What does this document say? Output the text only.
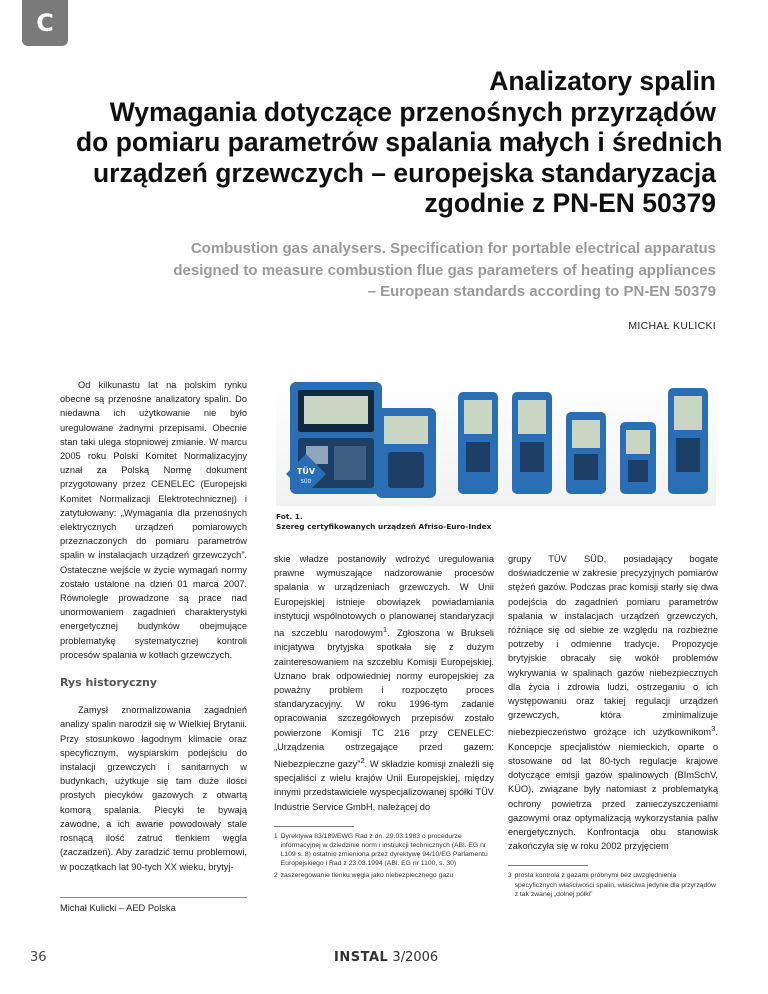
C
Analizatory spalin
Wymagania dotyczące przenośnych przyrządów
do pomiaru parametrów spalania małych i średnich
urządzeń grzewczych – europejska standaryzacja
zgodnie z PN-EN 50379
Combustion gas analysers. Specification for portable electrical apparatus
designed to measure combustion flue gas parameters of heating appliances
– European standards according to PN-EN 50379
MICHAŁ KULICKI

Od kilkunastu lat na polskim rynku obecne są przenośne analizatory spalin. Do niedawna ich użytkowanie nie było uregulowane żadnymi przepisami. Obecnie stan taki ulega stopniowej zmianie. W marcu 2005 roku Polski Komitet Normalizacyjny uznał za Polską Normę dokument przygotowany przez CENELEC (Europejski Komitet Normalizacji Elektrotechnicznej) i zatytułowany: „Wymagania dla przenośnych elektrycznych urządzeń pomiarowych przeznaczonych do pomiaru parametrów spalin w instalacjach urządzeń grzewczych”. Ostateczne wejście w życie wymagań normy zostało ustalone na dzień 01 marca 2007. Równolegle prowadzone są prace nad unormowaniem zagadnień charakterystyki energetycznej budynków obejmujące problematykę systematycznej kontroli procesów spalania w kotłach grzewczych.

Rys historyczny

Zamysł znormalizowania zagadnień analizy spalin narodził się w Wielkiej Brytanii. Przy stosunkowo łagodnym klimacie oraz specyficznym, wyspiarskim podejściu do instalacji grzewczych i sanitarnych w budynkach, użytkuje się tam duże ilości prostych piecyków gazowych z otwartą komorą spalania. Piecyki te bywają zawodne, a ich awarie powodowały stale rosnącą ilość zatruć tlenkiem węgla (zaczadzeń). Aby zaradzić temu problemowi, w początkach lat 90-tych XX wieku, brytyj-

Michał Kulicki – AED Polska
TÜV
SÜD
Fot. 1.
Szereg certyfikowanych urządzeń Afriso-Euro-Index

skie władze postanowiły wdrożyć uregulowania prawne wymuszające nadzorowanie procesów spalania w urządzeniach grzewczych. W Unii Europejskiej istnieje obowiązek powiadamiania instytucji wspólnotowych o planowanej standaryzacji na szczeblu narodowym$^1$. Zgłoszona w Brukseli inicjatywa brytyjska spotkała się z dużym zainteresowaniem na szczeblu Komisji Europejskiej. Uznano brak odpowiedniej normy europejskiej za poważny problem i rozpoczęto proces standaryzacyjny. W roku 1996-tym zadanie opracowania szczegółowych przepisów zostało powierzone Komisji TC 216 przy CENELEC: „Urządzenia ostrzegające przed gazem: Niebezpieczne gazy”$^2$. W składzie komisji znaleźli się specjaliści z wielu krajów Unii Europejskiej, między innymi przedstawiciele wyspecjalizowanej spółki TÜV Industrie Service GmbH, należącej do

1 Dyrektywa 83/189/EWG Rad z dn. 29.03.1983 o procedurze informacyjnej w dziedzinie norm i instrukcji technicznych (ABl. EG nr L109 s. 8) ostatnio zmieniona przez dyrektywę 94/10/EG Parlamentu Europejskiego i Rad z 23.03.1994 (ABl. EG nr 1100, s. 30)
2 zaszeregowanie tlenku węgla jako niebezpiecznego gazu

grupy TÜV SÜD, posiadający bogate doświadczenie w zakresie precyzyjnych pomiarów stężeń gazów. Podczas prac komisji starły się dwa podejścia do zagadnień pomiaru parametrów spalania w instalacjach urządzeń grzewczych, różniące się od siebie ze względu na rozbieżne potrzeby i odmienne tradycje. Propozycje brytyjskie obracały się wokół problemów wykrywania w spalinach gazów niebezpiecznych dla życia i zdrowia ludzi, ostrzeganiu o ich występowaniu oraz takiej regulacji urządzeń grzewczych, która zminimalizuje niebezpieczeństwo grożące ich użytkownikom$^3$. Koncepcje specjalistów niemieckich, oparte o stosowane od lat 80-tych regulacje krajowe dotyczące emisji gazów spalinowych (BImSchV, KÜO), związane były natomiast z problematyką ochrony powietrza przed zanieczyszczeniami gazowymi oraz optymalizacją wykorzystania paliw energetycznych. Konfrontacja obu stanowisk zakończyła się w roku 2002 przyjęciem

3 prosta kontrola z gazami próbnymi bez uwzględnienia specyficznych właściwości spalin, właściwa jedynie dla przyrządów z tak zwanej „dolnej półki”
36	INSTAL 3/2006
